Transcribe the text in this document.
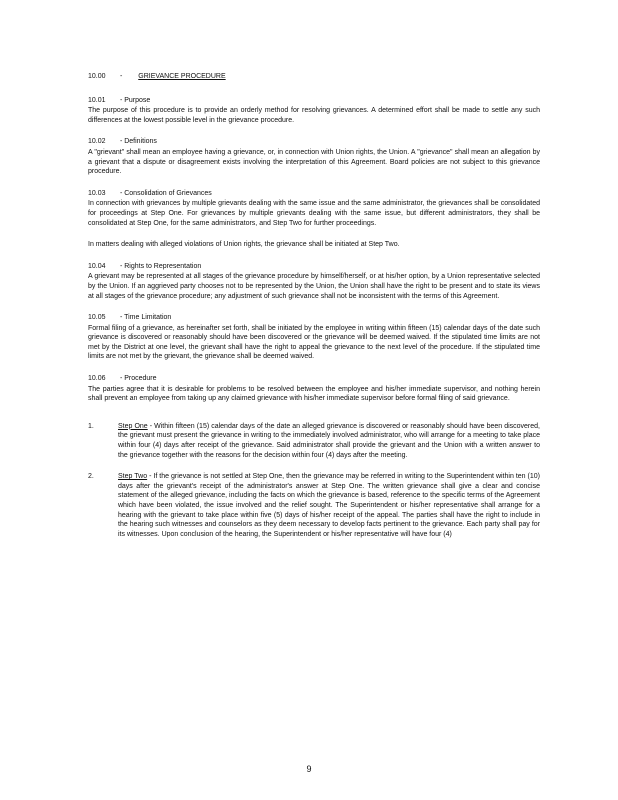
10.00 - GRIEVANCE PROCEDURE
10.01 - Purpose

The purpose of this procedure is to provide an orderly method for resolving grievances. A determined effort shall be made to settle any such differences at the lowest possible level in the grievance procedure.

10.02 - Definitions

A "grievant" shall mean an employee having a grievance, or, in connection with Union rights, the Union. A "grievance" shall mean an allegation by a grievant that a dispute or disagreement exists involving the interpretation of this Agreement. Board policies are not subject to this grievance procedure.

10.03 - Consolidation of Grievances

In connection with grievances by multiple grievants dealing with the same issue and the same administrator, the grievances shall be consolidated for proceedings at Step One. For grievances by multiple grievants dealing with the same issue, but different administrators, they shall be consolidated at Step One, for the same administrators, and Step Two for further proceedings.

In matters dealing with alleged violations of Union rights, the grievance shall be initiated at Step Two.

10.04 - Rights to Representation

A grievant may be represented at all stages of the grievance procedure by himself/herself, or at his/her option, by a Union representative selected by the Union. If an aggrieved party chooses not to be represented by the Union, the Union shall have the right to be present and to state its views at all stages of the grievance procedure; any adjustment of such grievance shall not be inconsistent with the terms of this Agreement.

10.05 - Time Limitation

Formal filing of a grievance, as hereinafter set forth, shall be initiated by the employee in writing within fifteen (15) calendar days of the date such grievance is discovered or reasonably should have been discovered or the grievance will be deemed waived. If the stipulated time limits are not met by the District at one level, the grievant shall have the right to appeal the grievance to the next level of the procedure. If the stipulated time limits are not met by the grievant, the grievance shall be deemed waived.

10.06 - Procedure

The parties agree that it is desirable for problems to be resolved between the employee and his/her immediate supervisor, and nothing herein shall prevent an employee from taking up any claimed grievance with his/her immediate supervisor before formal filing of said grievance.

1.	Step One - Within fifteen (15) calendar days of the date an alleged grievance is discovered or reasonably should have been discovered, the grievant must present the grievance in writing to the immediately involved administrator, who will arrange for a meeting to take place within four (4) days after receipt of the grievance. Said administrator shall provide the grievant and the Union with a written answer to the grievance together with the reasons for the decision within four (4) days after the meeting.
2.	Step Two - If the grievance is not settled at Step One, then the grievance may be referred in writing to the Superintendent within ten (10) days after the grievant's receipt of the administrator's answer at Step One. The written grievance shall give a clear and concise statement of the alleged grievance, including the facts on which the grievance is based, reference to the specific terms of the Agreement which have been violated, the issue involved and the relief sought. The Superintendent or his/her representative shall arrange for a hearing with the grievant to take place within five (5) days of his/her receipt of the appeal. The parties shall have the right to include in the hearing such witnesses and counselors as they deem necessary to develop facts pertinent to the grievance. Each party shall pay for its witnesses. Upon conclusion of the hearing, the Superintendent or his/her representative will have four (4)
9
